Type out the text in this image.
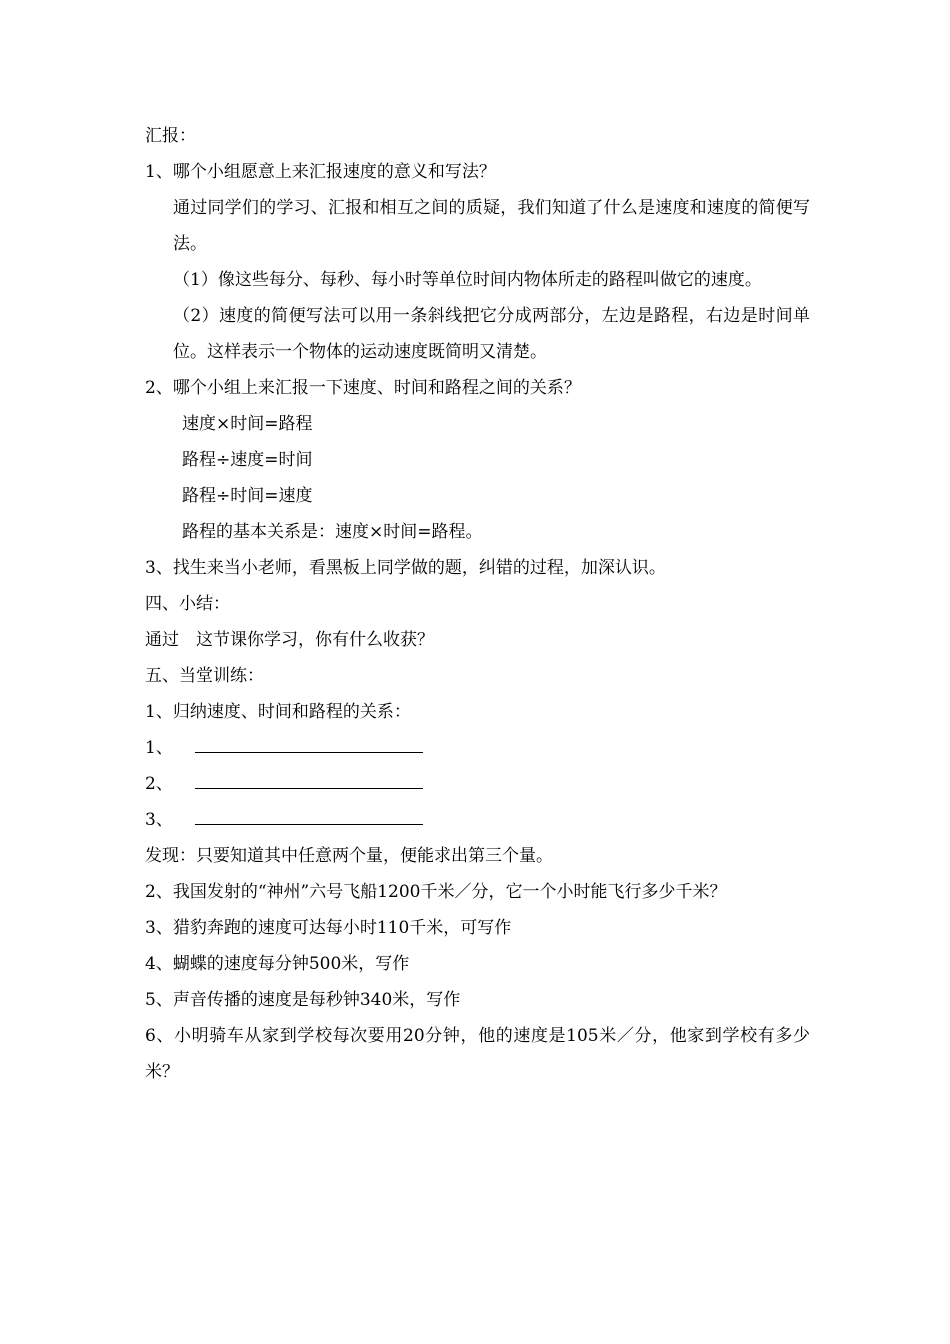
汇报：
1、哪个小组愿意上来汇报速度的意义和写法？
通过同学们的学习、汇报和相互之间的质疑，我们知道了什么是速度和速度的简便写法。
（1）像这些每分、每秒、每小时等单位时间内物体所走的路程叫做它的速度。
（2）速度的简便写法可以用一条斜线把它分成两部分，左边是路程，右边是时间单位。这样表示一个物体的运动速度既简明又清楚。
2、哪个小组上来汇报一下速度、时间和路程之间的关系？
速度×时间=路程
路程÷速度=时间
路程÷时间=速度
路程的基本关系是：速度×时间=路程。
3、找生来当小老师，看黑板上同学做的题，纠错的过程，加深认识。
四、小结：
通过　这节课你学习，你有什么收获？
五、当堂训练：
1、归纳速度、时间和路程的关系：
1、
2、
3、
发现：只要知道其中任意两个量，便能求出第三个量。
2、我国发射的“神州”六号飞船1200千米／分，它一个小时能飞行多少千米？
3、猎豹奔跑的速度可达每小时110千米，可写作
4、蝴蝶的速度每分钟500米，写作
5、声音传播的速度是每秒钟340米，写作
6、小明骑车从家到学校每次要用20分钟，他的速度是105米／分，他家到学校有多少米？
